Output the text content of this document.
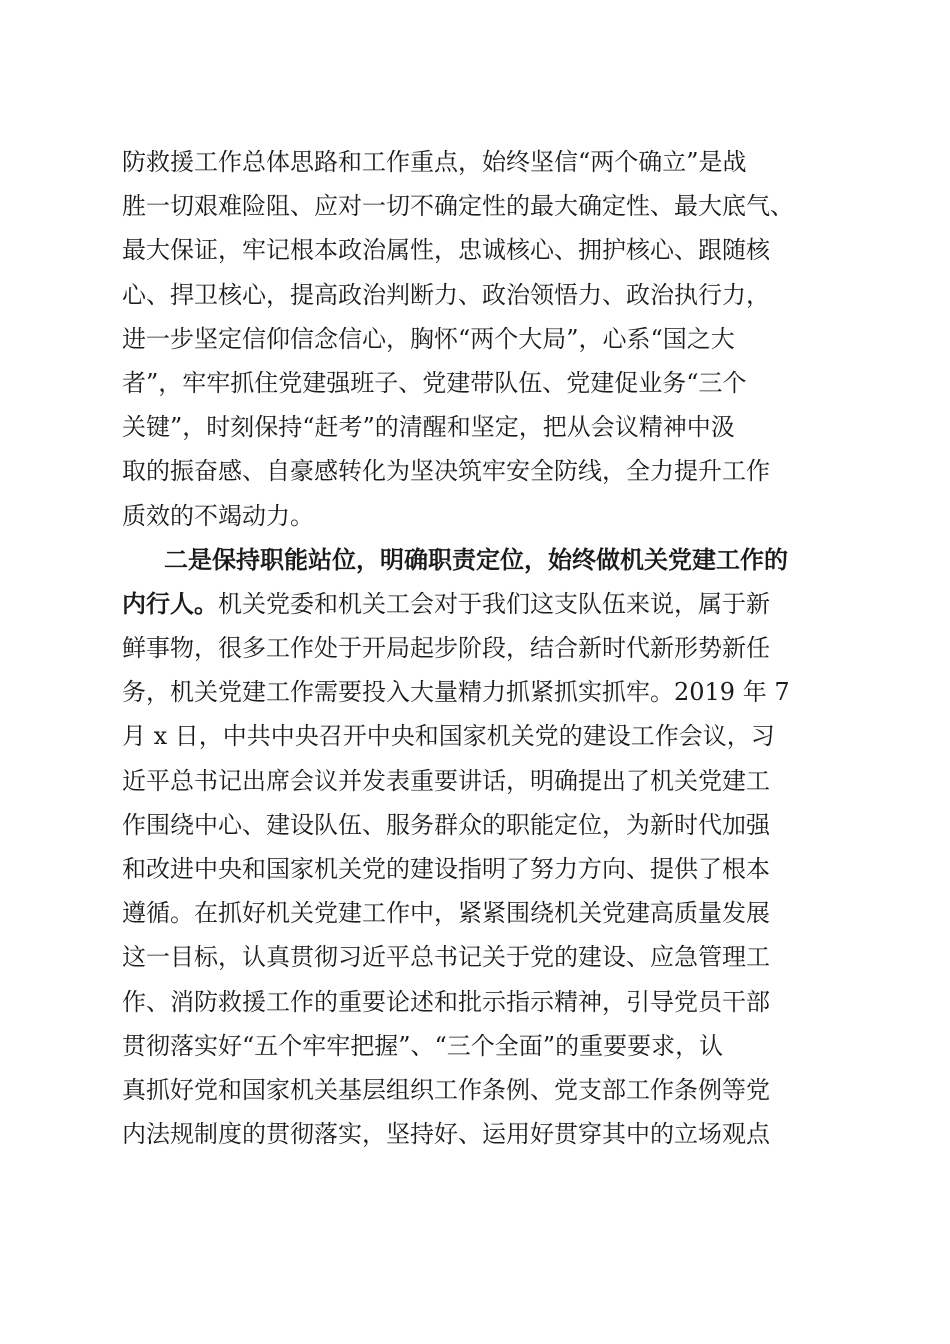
防救援工作总体思路和工作重点，始终坚信“两个确立”是战
胜一切艰难险阻、应对一切不确定性的最大确定性、最大底气、
最大保证，牢记根本政治属性，忠诚核心、拥护核心、跟随核
心、捍卫核心，提高政治判断力、政治领悟力、政治执行力，
进一步坚定信仰信念信心，胸怀“两个大局”，心系“国之大
者”，牢牢抓住党建强班子、党建带队伍、党建促业务“三个
关键”，时刻保持“赶考”的清醒和坚定，把从会议精神中汲
取的振奋感、自豪感转化为坚决筑牢安全防线，全力提升工作
质效的不竭动力。
二是保持职能站位，明确职责定位，始终做机关党建工作的
内行人。机关党委和机关工会对于我们这支队伍来说，属于新
鲜事物，很多工作处于开局起步阶段，结合新时代新形势新任
务，机关党建工作需要投入大量精力抓紧抓实抓牢。2019 年 7
月 x 日，中共中央召开中央和国家机关党的建设工作会议，习
近平总书记出席会议并发表重要讲话，明确提出了机关党建工
作围绕中心、建设队伍、服务群众的职能定位，为新时代加强
和改进中央和国家机关党的建设指明了努力方向、提供了根本
遵循。在抓好机关党建工作中，紧紧围绕机关党建高质量发展
这一目标，认真贯彻习近平总书记关于党的建设、应急管理工
作、消防救援工作的重要论述和批示指示精神，引导党员干部
贯彻落实好“五个牢牢把握”、“三个全面”的重要要求，认
真抓好党和国家机关基层组织工作条例、党支部工作条例等党
内法规制度的贯彻落实，坚持好、运用好贯穿其中的立场观点
